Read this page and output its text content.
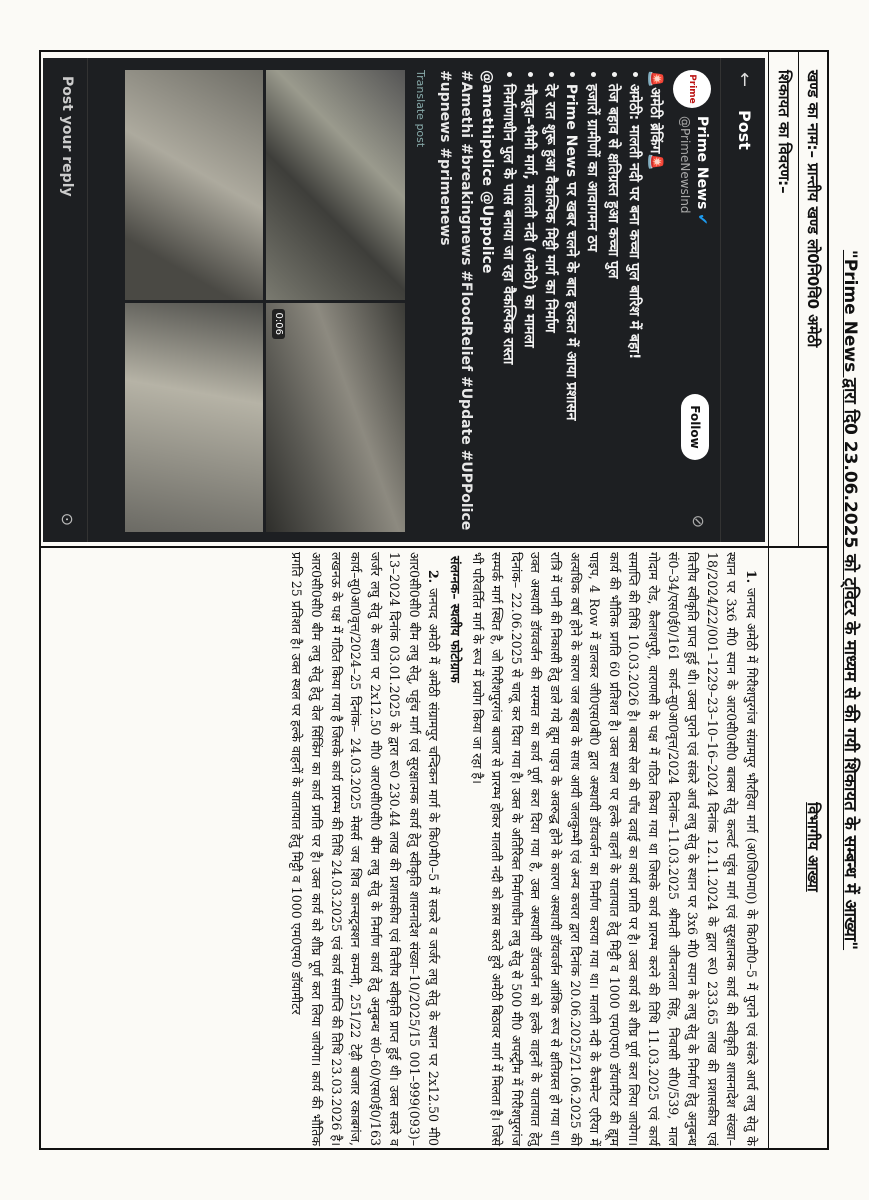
"Prime News द्वारा दि0 23.06.2025 को ट्विटर के माध्यम से की गयी शिकायत के सम्बन्ध में आख्या"
खण्ड का नाम:– प्रान्तीय खण्ड लो0नि0वि0 अमेठी
शिकायत का विवरण:–
विभागीय आख्या
←
Post
Prime
Prime News✔
@PrimeNewsInd
Follow
⊘

🚨अमेठी ब्रेकिंग🚨

• अमेठी: मालती नदी पर बना कच्चा पुल बारिश में बहा!

• तेज बहाव से क्षतिग्रस्त हुआ कच्चा पुल

• हजारों ग्रामीणों का आवागमन ठप

• Prime News पर खबर चलने के बाद हरकत में आया प्रशासन

• देर रात शुरू हुआ वैकल्पिक मिट्टी मार्ग का निर्माण

• मौजूदा–भीमी मार्ग, मालती नदी (अमेठी) का मामला

• निर्माणाधीन पुल के पास बनाया जा रहा वैकल्पिक रास्ता

@amethipolice @Uppolice

#Amethi #breakingnews #FloodRelief #Update #UPPolice #upnews #primenews

Translate post
0:06
Post your reply
⊙

1. जनपद अमेठी में गिरीशपुरगंज संग्रामपुर भौरहिया मार्ग (अ0जि0मा0) के कि0मी0–5 में पुराने एवं संकरे आर्च लघु सेतु के स्थान पर 3x6 मी0 स्पान के आर0सी0सी0 बाक्स सेतु कल्वर्ट पहुंच मार्ग एवं सुरक्षात्मक कार्य की स्वीकृति शासनादेश संख्या–18/2024/22/001–1229–23–10–16–2024 दिनांक 12.11.2024 के द्वारा रू0 233.65 लाख की प्रशासकीय एवं वित्तीय स्वीकृति प्राप्त हुई थी। उक्त पुराने एवं संकरे आर्च लघु सेतु के स्थान पर 3x6 मी0 स्पान के लघु सेतु के निर्माण हेतु अनुबन्ध सं0–34/एस0ई0/161 कार्य–सु0आ0वृत्त/2024 दिनांक–11.03.2025 श्रीमती जीवनलता सिंह, निवासी सी0/539, माल गोदाम रोड, कैलाशपुरी, वाराणसी के पक्ष में गठित किया गया था जिसके कार्य प्रारम्भ करने की तिथि 11.03.2025 एवं कार्य समाप्ति की तिथि 10.03.2026 है। बाक्स सेल की पाँच दवाई का कार्य प्रगति पर है। उक्त कार्य को शीघ्र पूर्ण करा लिया जायेगा। कार्य की भौतिक प्रगति 60 प्रतिशत है। उक्त स्थल पर हल्के वाहनों के यातायात हेतु मिट्टी व 1000 एम0एम0 डॉयामीटर की ह्यूम पाइप, 4 Row में डालकर जी0एस0बी0 द्वारा अस्थायी डॉयवर्जन का निर्माण कराया गया था। मालती नदी के कैचमेन्ट एरिया में अत्यधिक वर्षा होने के कारण जल बहाव के साथ आयी जलकुम्भी एवं अन्य कचरा द्वारा दिनांक 20.06.2025/21.06.2025 की रात्रि में पानी की निकासी हेतु डाले गये ह्यूम पाइप के अवरुद्ध होने के कारण अस्थायी डॉयवर्जन आंशिक रूप से क्षतिग्रस्त हो गया था। उक्त अस्थायी डॉयवर्जन की मरम्मत का कार्य पूर्ण करा दिया गया है, उक्त अस्थायी डॉयवर्जन को हल्के वाहनों के यातायात हेतु दिनांक– 22.06.2025 से चालू कर दिया गया है। उक्त के अतिरिक्त निर्माणाधीन लघु सेतु से 500 मी0 अपस्ट्रीम में गिरीशपुरगंज सम्पर्क मार्ग स्थित है, जो गिरीशपुरगंज बाजार से प्रारम्भ होकर मालती नदी को क्रास करते हुये अमेठी बिठावर मार्ग में मिलता है। जिसे भी परिवर्तित मार्ग के रूप में प्रयोग किया जा रहा है।

संलग्नक– स्थलीय फोटोग्राफ

2. जनपद अमेठी में अमेठी संग्रामपुर चन्दिकन मार्ग के कि0मी0–5 में सकरे व जर्जर लघु सेतु के स्थान पर 2x12.50 मी0 आर0सी0सी0 बीम लघु सेतु, पहुंच मार्ग एवं सुरक्षात्मक कार्य हेतु स्वीकृति शासनादेश संख्या–10/2025/15 001–999(093)–13–2024 दिनांक 03.01.2025 के द्वारा रू0 230.44 लाख की प्रशासकीय एवं वित्तीय स्वीकृति प्राप्त हुई थी। उक्त सकरे व जर्जर लघु सेतु के स्थान पर 2x12.50 मी0 आर0सी0सी0 बीम लघु सेतु के निर्माण कार्य हेतु अनुबन्ध सं0–60/एस0ई0/163 कार्य–सु0आ0वृत्त/2024–25 दिनांक– 24.03.2025 मेसर्स जय शिव कान्सट्रक्शन कम्पनी, 251/22 टेढ़ी बाजार रकाबगंज, लखनऊ के पक्ष में गठित किया गया है जिसके कार्य प्रारम्भ की तिथि 24.03.2025 एवं कार्य समाप्ति की तिथि 23.03.2026 है। आर0सी0सी0 बीम लघु सेतु हेतु वेल सिंकिंग का कार्य प्रगति पर है। उक्त कार्य को शीघ्र पूर्ण करा लिया जायेगा। कार्य की भौतिक प्रगति 25 प्रतिशत है। उक्त स्थल पर हल्के वाहनों के यातायात हेतु मिट्टी व 1000 एम0एम0 डॉयामीटर
